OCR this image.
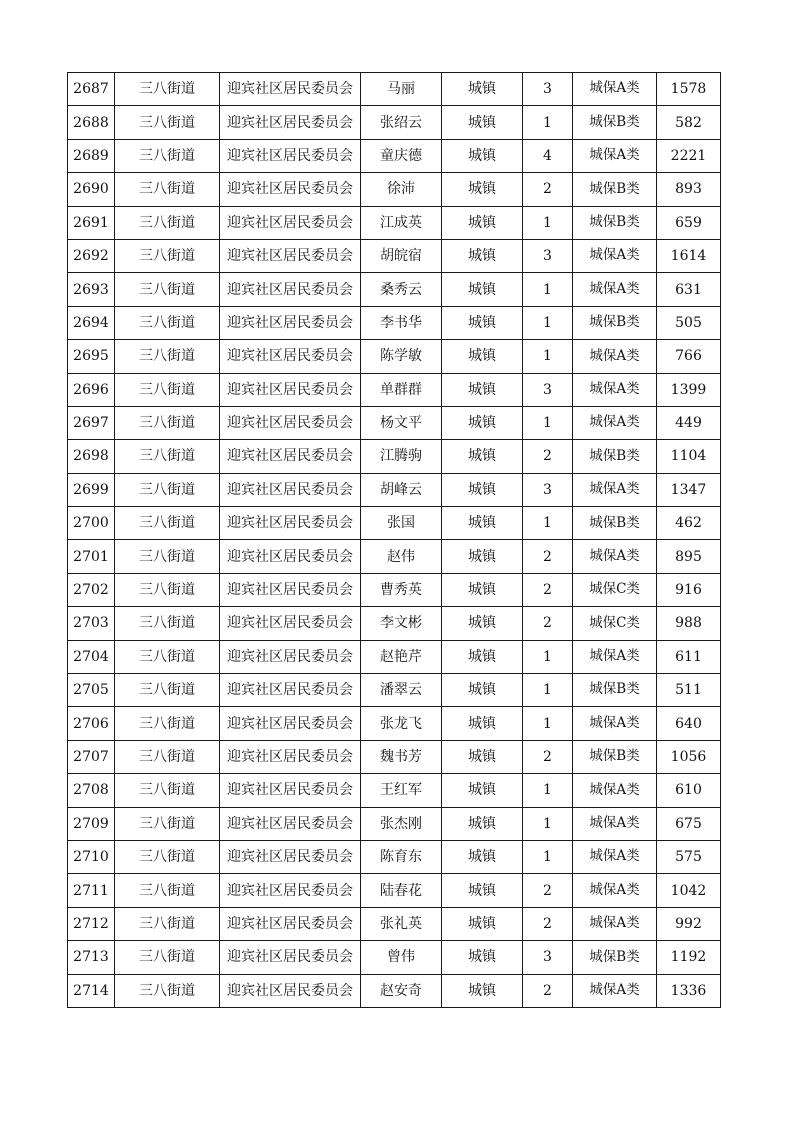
2687	三八街道	迎宾社区居民委员会	马丽	城镇	3	城保A类	1578
2688	三八街道	迎宾社区居民委员会	张绍云	城镇	1	城保B类	582
2689	三八街道	迎宾社区居民委员会	童庆德	城镇	4	城保A类	2221
2690	三八街道	迎宾社区居民委员会	徐沛	城镇	2	城保B类	893
2691	三八街道	迎宾社区居民委员会	江成英	城镇	1	城保B类	659
2692	三八街道	迎宾社区居民委员会	胡皖宿	城镇	3	城保A类	1614
2693	三八街道	迎宾社区居民委员会	桑秀云	城镇	1	城保A类	631
2694	三八街道	迎宾社区居民委员会	李书华	城镇	1	城保B类	505
2695	三八街道	迎宾社区居民委员会	陈学敏	城镇	1	城保A类	766
2696	三八街道	迎宾社区居民委员会	单群群	城镇	3	城保A类	1399
2697	三八街道	迎宾社区居民委员会	杨文平	城镇	1	城保A类	449
2698	三八街道	迎宾社区居民委员会	江腾驹	城镇	2	城保B类	1104
2699	三八街道	迎宾社区居民委员会	胡峰云	城镇	3	城保A类	1347
2700	三八街道	迎宾社区居民委员会	张国	城镇	1	城保B类	462
2701	三八街道	迎宾社区居民委员会	赵伟	城镇	2	城保A类	895
2702	三八街道	迎宾社区居民委员会	曹秀英	城镇	2	城保C类	916
2703	三八街道	迎宾社区居民委员会	李文彬	城镇	2	城保C类	988
2704	三八街道	迎宾社区居民委员会	赵艳芹	城镇	1	城保A类	611
2705	三八街道	迎宾社区居民委员会	潘翠云	城镇	1	城保B类	511
2706	三八街道	迎宾社区居民委员会	张龙飞	城镇	1	城保A类	640
2707	三八街道	迎宾社区居民委员会	魏书芳	城镇	2	城保B类	1056
2708	三八街道	迎宾社区居民委员会	王红军	城镇	1	城保A类	610
2709	三八街道	迎宾社区居民委员会	张杰刚	城镇	1	城保A类	675
2710	三八街道	迎宾社区居民委员会	陈育东	城镇	1	城保A类	575
2711	三八街道	迎宾社区居民委员会	陆春花	城镇	2	城保A类	1042
2712	三八街道	迎宾社区居民委员会	张礼英	城镇	2	城保A类	992
2713	三八街道	迎宾社区居民委员会	曾伟	城镇	3	城保B类	1192
2714	三八街道	迎宾社区居民委员会	赵安奇	城镇	2	城保A类	1336
